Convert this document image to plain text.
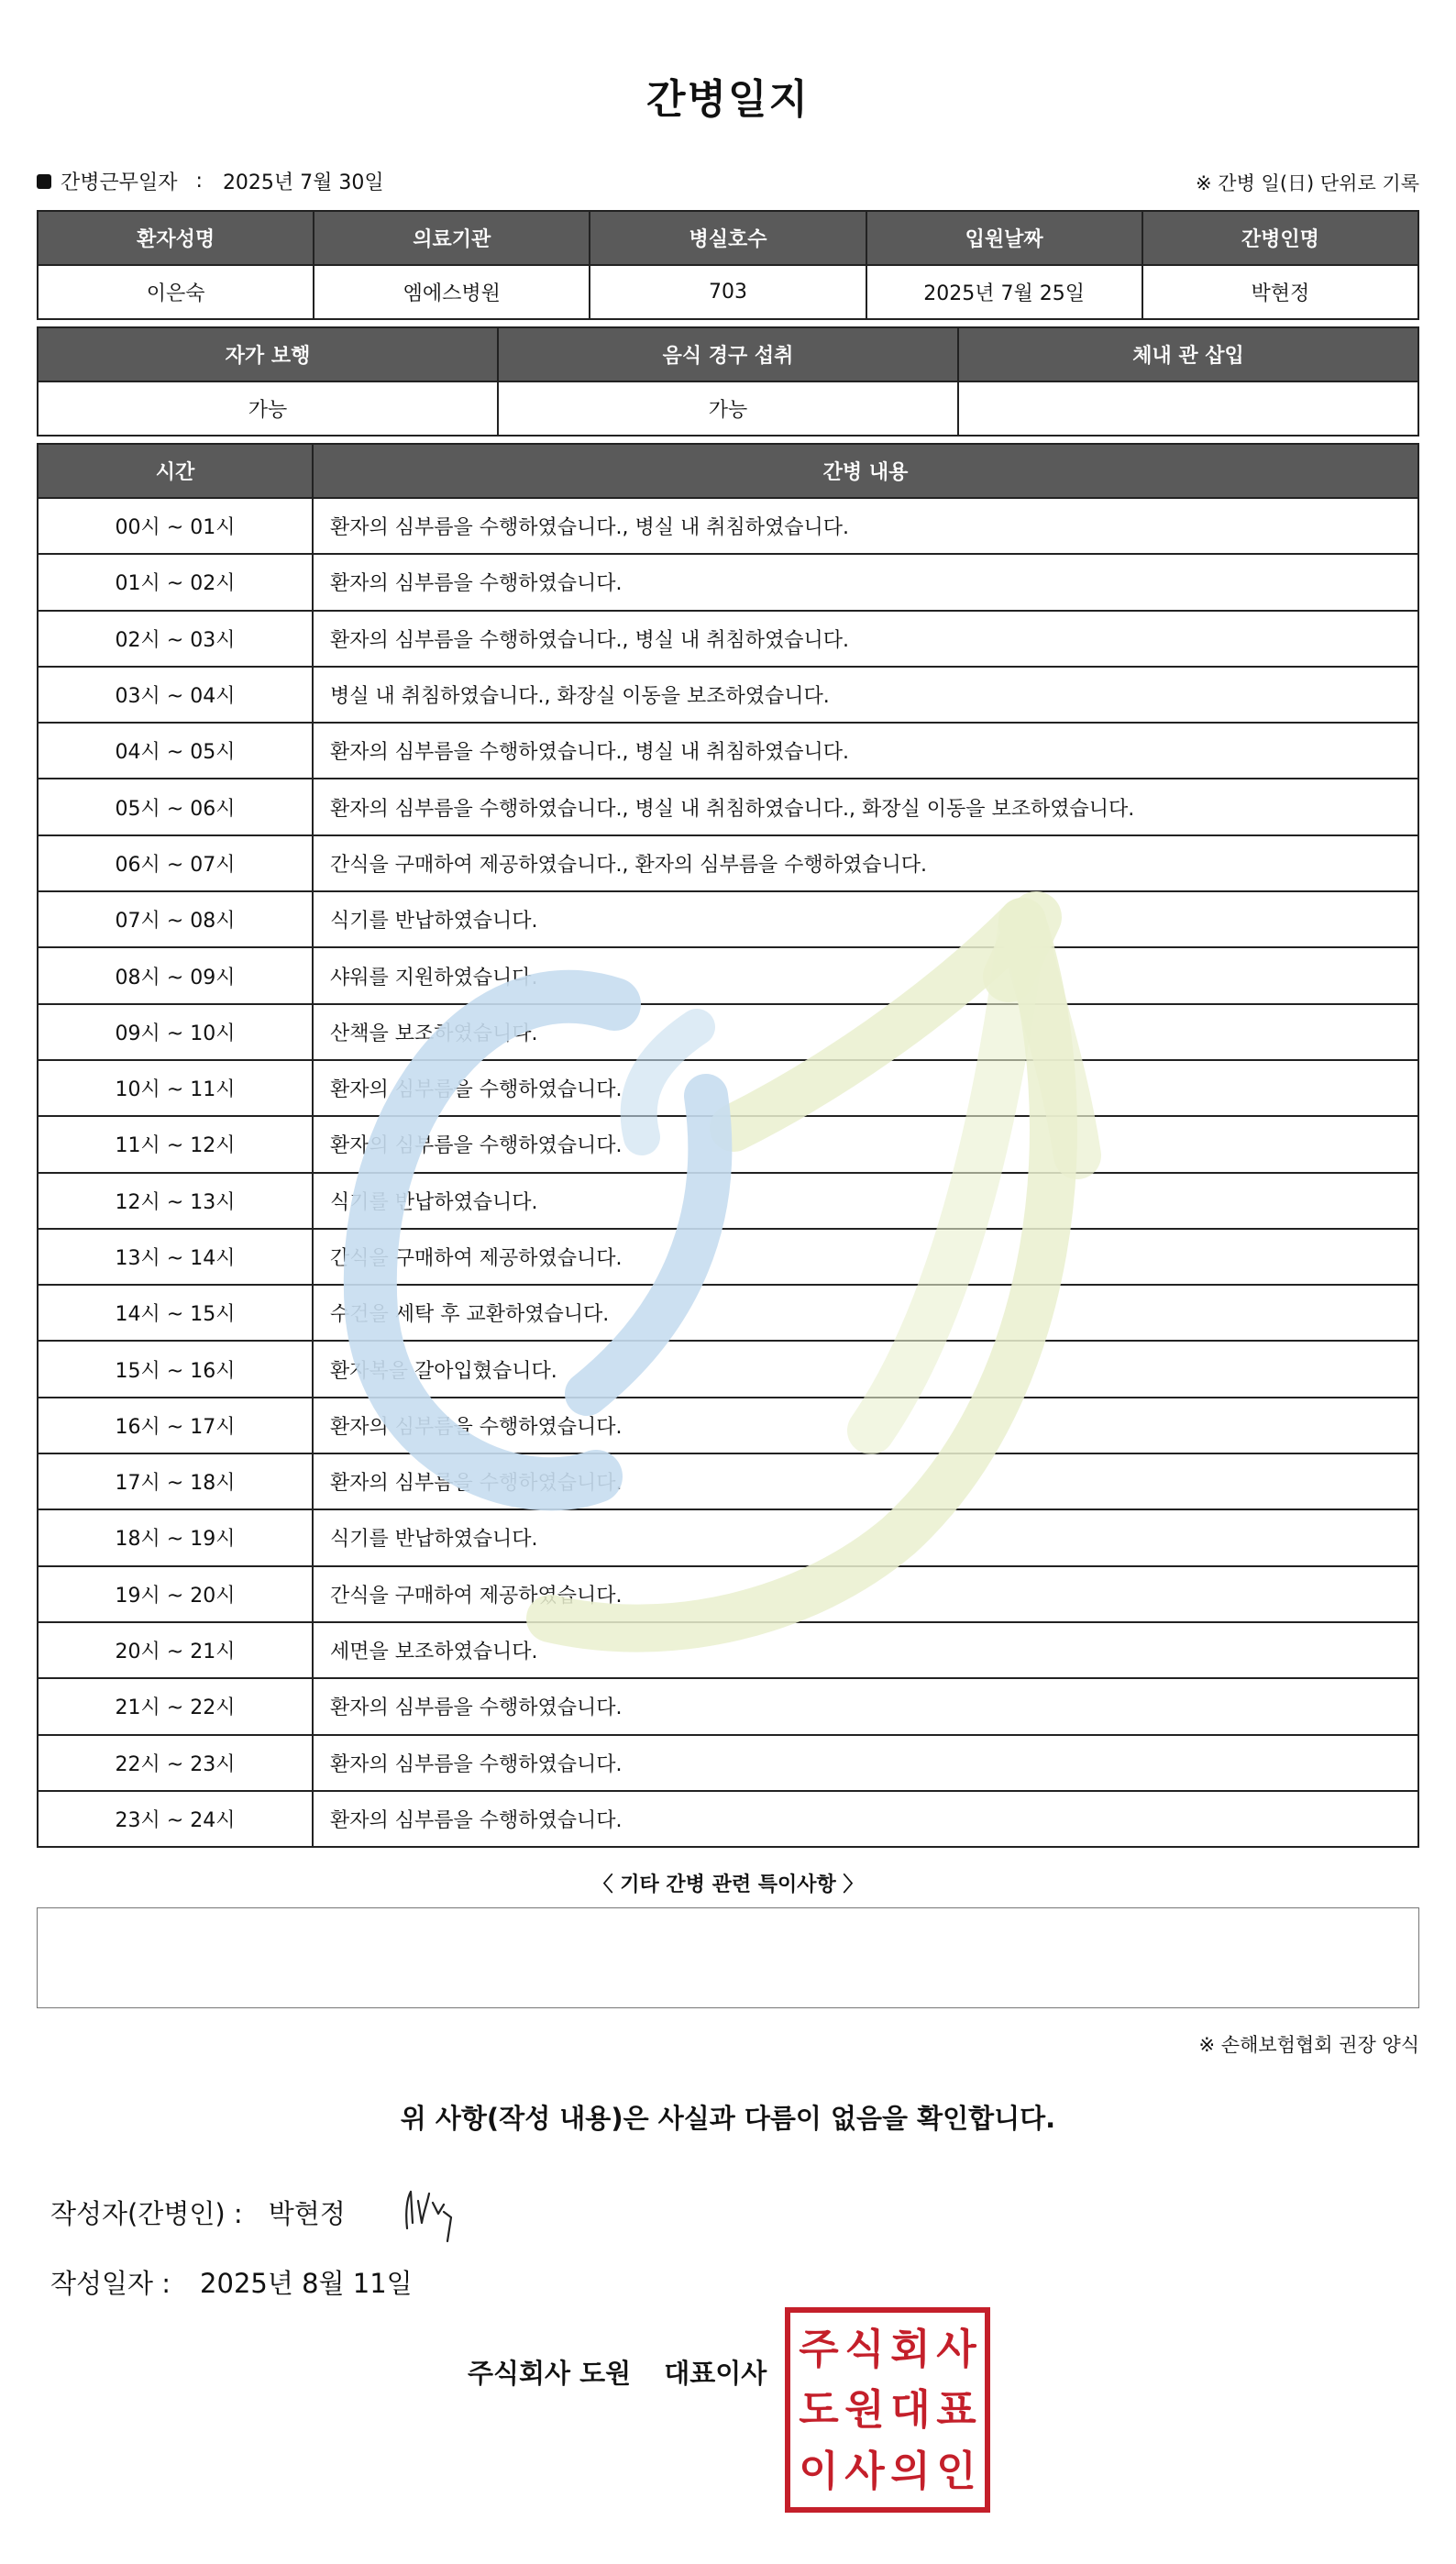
간병일지
간병근무일자 : 2025년 7월 30일	※ 간병 일(日) 단위로 기록
환자성명	의료기관	병실호수	입원날짜	간병인명
이은숙	엠에스병원	703	2025년 7월 25일	박현정
자가 보행	음식 경구 섭취	체내 관 삽입
가능	가능	
시간	간병 내용
00시 ~ 01시	환자의 심부름을 수행하였습니다., 병실 내 취침하였습니다.
01시 ~ 02시	환자의 심부름을 수행하였습니다.
02시 ~ 03시	환자의 심부름을 수행하였습니다., 병실 내 취침하였습니다.
03시 ~ 04시	병실 내 취침하였습니다., 화장실 이동을 보조하였습니다.
04시 ~ 05시	환자의 심부름을 수행하였습니다., 병실 내 취침하였습니다.
05시 ~ 06시	환자의 심부름을 수행하였습니다., 병실 내 취침하였습니다., 화장실 이동을 보조하였습니다.
06시 ~ 07시	간식을 구매하여 제공하였습니다., 환자의 심부름을 수행하였습니다.
07시 ~ 08시	식기를 반납하였습니다.
08시 ~ 09시	샤워를 지원하였습니다.
09시 ~ 10시	산책을 보조하였습니다.
10시 ~ 11시	환자의 심부름을 수행하였습니다.
11시 ~ 12시	환자의 심부름을 수행하였습니다.
12시 ~ 13시	식기를 반납하였습니다.
13시 ~ 14시	간식을 구매하여 제공하였습니다.
14시 ~ 15시	수건을 세탁 후 교환하였습니다.
15시 ~ 16시	환자복을 갈아입혔습니다.
16시 ~ 17시	환자의 심부름을 수행하였습니다.
17시 ~ 18시	환자의 심부름을 수행하였습니다.
18시 ~ 19시	식기를 반납하였습니다.
19시 ~ 20시	간식을 구매하여 제공하였습니다.
20시 ~ 21시	세면을 보조하였습니다.
21시 ~ 22시	환자의 심부름을 수행하였습니다.
22시 ~ 23시	환자의 심부름을 수행하였습니다.
23시 ~ 24시	환자의 심부름을 수행하였습니다.
〈 기타 간병 관련 특이사항 〉
※ 손해보험협회 권장 양식
위 사항(작성 내용)은 사실과 다름이 없음을 확인합니다.
작성자(간병인) : 박현정
작성일자 : 2025년 8월 11일
주식회사 도원 대표이사
주 식 회 사
도 원 대 표
이 사 의 인
